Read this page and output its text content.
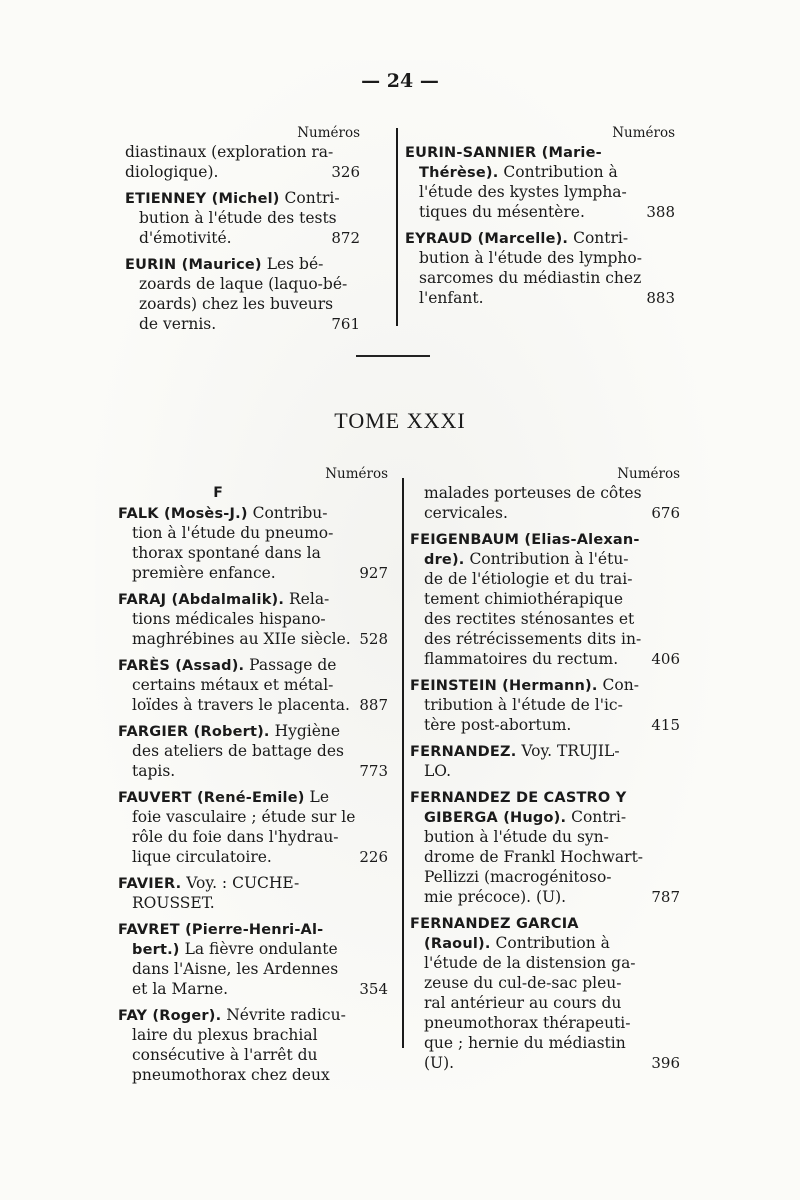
— 24 —
Numéros
diastinaux (exploration ra-
diologique).	326
ETIENNEY (Michel) Contri-
bution à l'étude des tests
d'émotivité.	872
EURIN (Maurice) Les bé-
zoards de laque (laquo-bé-
zoards) chez les buveurs
de vernis.	761
Numéros
EURIN-SANNIER (Marie-
Thérèse). Contribution à
l'étude des kystes lympha-
tiques du mésentère.	388
EYRAUD (Marcelle). Contri-
bution à l'étude des lympho-
sarcomes du médiastin chez
l'enfant.	883
TOME XXXI
Numéros
F
FALK (Mosès-J.) Contribu-
tion à l'étude du pneumo-
thorax spontané dans la
première enfance.	927
FARAJ (Abdalmalik). Rela-
tions médicales hispano-
maghrébines au XIIe siècle. 528
FARÈS (Assad). Passage de
certains métaux et métal-
loïdes à travers le placenta. 887
FARGIER (Robert). Hygiène
des ateliers de battage des
tapis.	773
FAUVERT (René-Emile) Le
foie vasculaire ; étude sur le
rôle du foie dans l'hydrau-
lique circulatoire.	226
FAVIER. Voy. : CUCHE-
ROUSSET.
FAVRET (Pierre-Henri-Al-
bert.) La fièvre ondulante
dans l'Aisne, les Ardennes
et la Marne.	354
FAY (Roger). Névrite radicu-
laire du plexus brachial
consécutive à l'arrêt du
pneumothorax chez deux
Numéros
malades porteuses de côtes
cervicales.	676
FEIGENBAUM (Elias-Alexan-
dre). Contribution à l'étu-
de de l'étiologie et du trai-
tement chimiothérapique
des rectites sténosantes et
des rétrécissements dits in-
flammatoires du rectum. 406
FEINSTEIN (Hermann). Con-
tribution à l'étude de l'ic-
tère post-abortum.	415
FERNANDEZ. Voy. TRUJIL-
LO.
FERNANDEZ DE CASTRO Y
GIBERGA (Hugo). Contri-
bution à l'étude du syn-
drome de Frankl Hochwart-
Pellizzi (macrogénitoso-
mie précoce). (U).	787
FERNANDEZ GARCIA
(Raoul). Contribution à
l'étude de la distension ga-
zeuse du cul-de-sac pleu-
ral antérieur au cours du
pneumothorax thérapeuti-
que ; hernie du médiastin
(U).	396
